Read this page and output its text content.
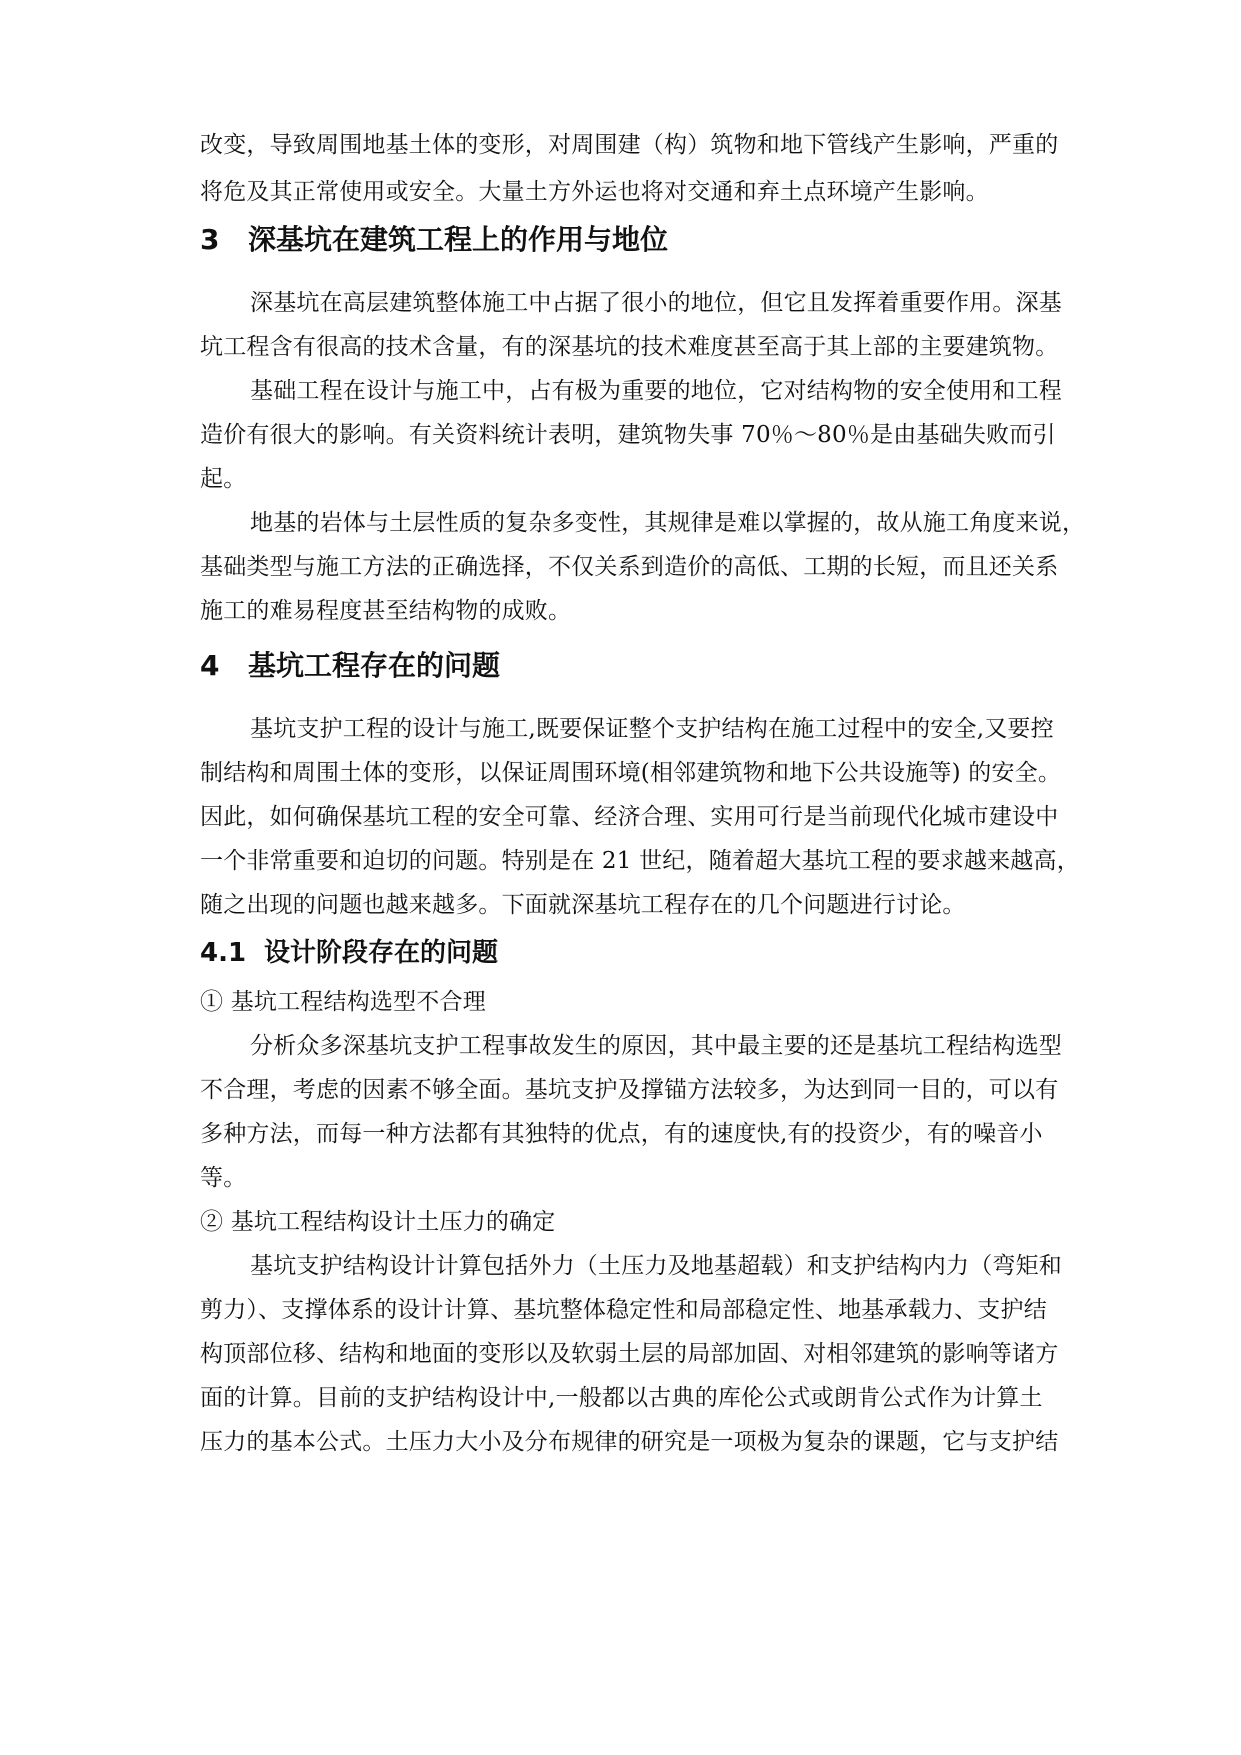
改变，导致周围地基土体的变形，对周围建（构）筑物和地下管线产生影响，严重的
将危及其正常使用或安全。大量土方外运也将对交通和弃土点环境产生影响。
3 深基坑在建筑工程上的作用与地位
深基坑在高层建筑整体施工中占据了很小的地位，但它且发挥着重要作用。深基
坑工程含有很高的技术含量，有的深基坑的技术难度甚至高于其上部的主要建筑物。
基础工程在设计与施工中，占有极为重要的地位，它对结构物的安全使用和工程
造价有很大的影响。有关资料统计表明，建筑物失事 70％～80％是由基础失败而引
起。
地基的岩体与土层性质的复杂多变性，其规律是难以掌握的，故从施工角度来说，
基础类型与施工方法的正确选择，不仅关系到造价的高低、工期的长短，而且还关系
施工的难易程度甚至结构物的成败。
4 基坑工程存在的问题
基坑支护工程的设计与施工,既要保证整个支护结构在施工过程中的安全,又要控
制结构和周围土体的变形，以保证周围环境(相邻建筑物和地下公共设施等) 的安全。
因此，如何确保基坑工程的安全可靠、经济合理、实用可行是当前现代化城市建设中
一个非常重要和迫切的问题。特别是在 21 世纪，随着超大基坑工程的要求越来越高，
随之出现的问题也越来越多。下面就深基坑工程存在的几个问题进行讨论。
4.1 设计阶段存在的问题
① 基坑工程结构选型不合理
分析众多深基坑支护工程事故发生的原因，其中最主要的还是基坑工程结构选型
不合理，考虑的因素不够全面。基坑支护及撑锚方法较多，为达到同一目的，可以有
多种方法，而每一种方法都有其独特的优点，有的速度快,有的投资少，有的噪音小
等。
② 基坑工程结构设计土压力的确定
基坑支护结构设计计算包括外力（土压力及地基超载）和支护结构内力（弯矩和
剪力）、支撑体系的设计计算、基坑整体稳定性和局部稳定性、地基承载力、支护结
构顶部位移、结构和地面的变形以及软弱土层的局部加固、对相邻建筑的影响等诸方
面的计算。目前的支护结构设计中,一般都以古典的库伦公式或朗肯公式作为计算土
压力的基本公式。土压力大小及分布规律的研究是一项极为复杂的课题，它与支护结
